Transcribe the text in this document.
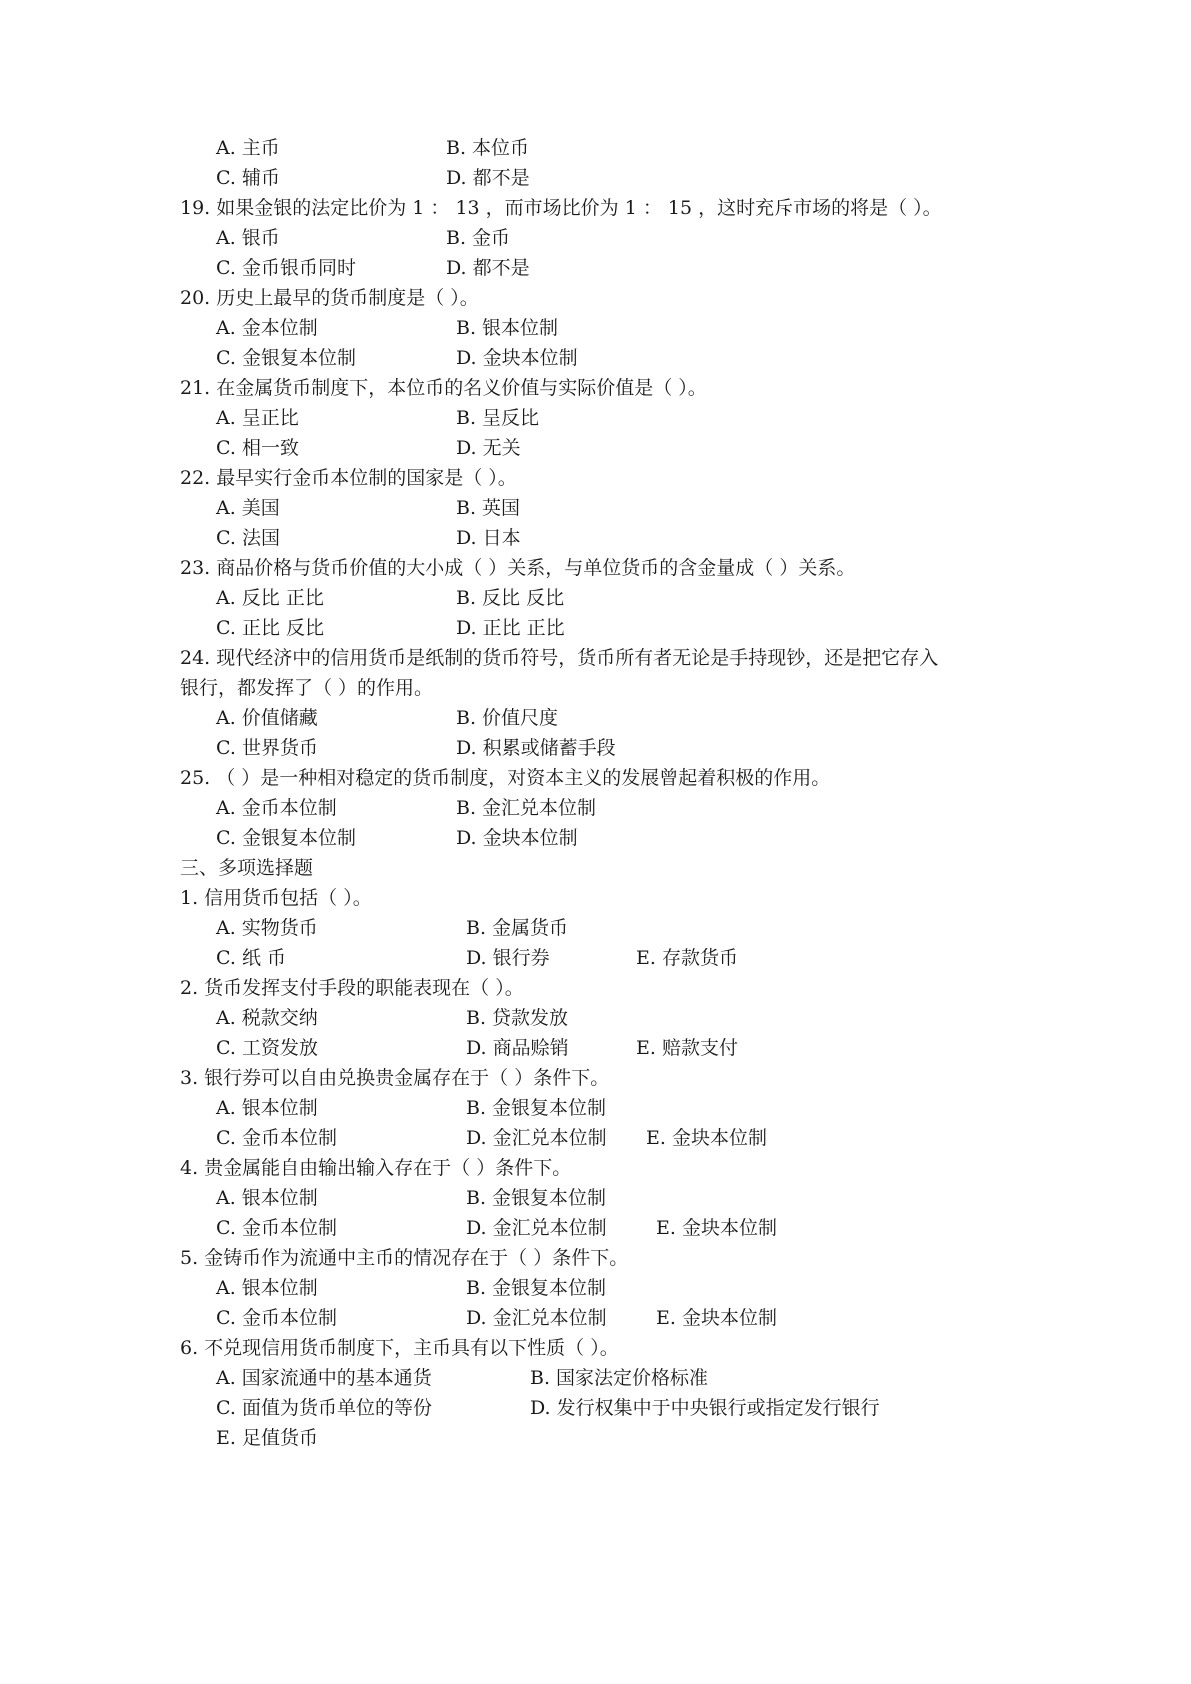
A. 主币	B. 本位币
C. 辅币	D. 都不是
19. 如果金银的法定比价为 1 ： 13 ，而市场比价为 1 ： 15 ，这时充斥市场的将是（ ）。
A. 银币	B. 金币
C. 金币银币同时	D. 都不是
20. 历史上最早的货币制度是（ ）。
A. 金本位制	B. 银本位制
C. 金银复本位制	D. 金块本位制
21. 在金属货币制度下，本位币的名义价值与实际价值是（ ）。
A. 呈正比	B. 呈反比
C. 相一致	D. 无关
22. 最早实行金币本位制的国家是（ ）。
A. 美国	B. 英国
C. 法国	D. 日本
23. 商品价格与货币价值的大小成（ ）关系，与单位货币的含金量成（ ）关系。
A. 反比 正比	B. 反比 反比
C. 正比 反比	D. 正比 正比
24. 现代经济中的信用货币是纸制的货币符号，货币所有者无论是手持现钞，还是把它存入
银行，都发挥了（ ）的作用。
A. 价值储藏	B. 价值尺度
C. 世界货币	D. 积累或储蓄手段
25. （ ）是一种相对稳定的货币制度，对资本主义的发展曾起着积极的作用。
A. 金币本位制	B. 金汇兑本位制
C. 金银复本位制	D. 金块本位制
三、多项选择题
1. 信用货币包括（ ）。
A. 实物货币	B. 金属货币
C. 纸 币	D. 银行券	E. 存款货币
2. 货币发挥支付手段的职能表现在（ ）。
A. 税款交纳	B. 贷款发放
C. 工资发放	D. 商品赊销	E. 赔款支付
3. 银行券可以自由兑换贵金属存在于（ ）条件下。
A. 银本位制	B. 金银复本位制
C. 金币本位制	D. 金汇兑本位制 E. 金块本位制
4. 贵金属能自由输出输入存在于（ ）条件下。
A. 银本位制	B. 金银复本位制
C. 金币本位制	D. 金汇兑本位制	E. 金块本位制
5. 金铸币作为流通中主币的情况存在于（ ）条件下。
A. 银本位制	B. 金银复本位制
C. 金币本位制	D. 金汇兑本位制	E. 金块本位制
6. 不兑现信用货币制度下，主币具有以下性质（ ）。
A. 国家流通中的基本通货	B. 国家法定价格标准
C. 面值为货币单位的等份	D. 发行权集中于中央银行或指定发行银行
E. 足值货币
